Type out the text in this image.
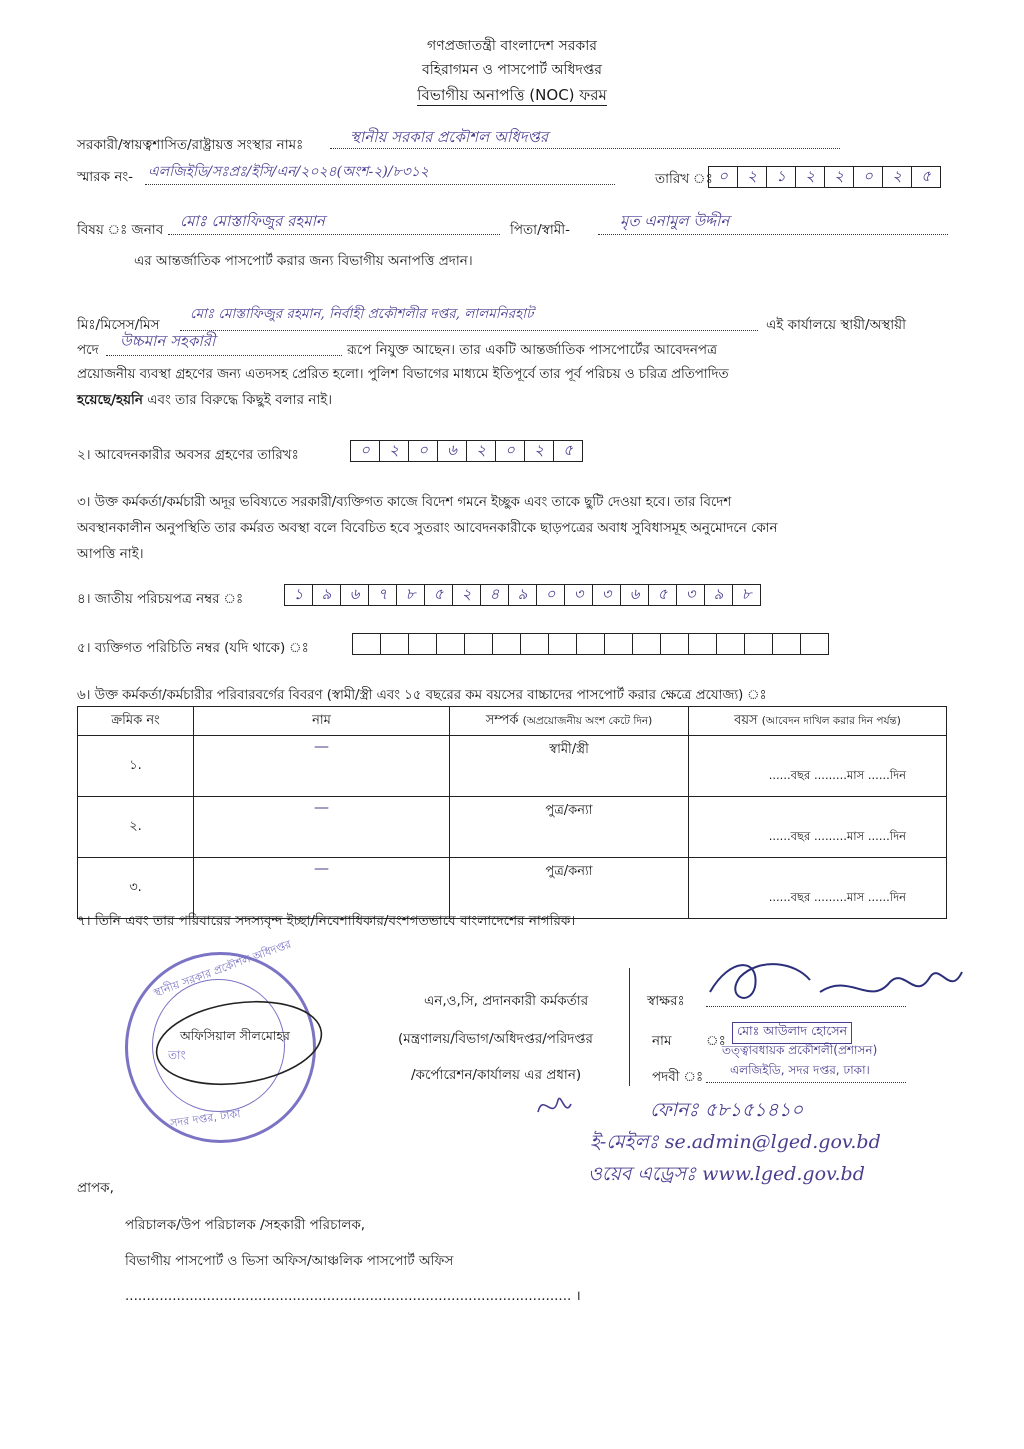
গণপ্রজাতন্ত্রী বাংলাদেশ সরকার
বহিরাগমন ও পাসপোর্ট অধিদপ্তর
বিভাগীয় অনাপত্তি (NOC) ফরম
সরকারী/স্বায়ত্বশাসিত/রাষ্ট্রায়ত্ত সংস্থার নামঃ	স্থানীয় সরকার প্রকৌশল অধিদপ্তর
স্মারক নং- এলজিইডি/সঃপ্রঃ/ইসি/এন/২০২৪(অংশ-২)/৮৩১২	তারিখ ঃ ০	২	১	২	২	০	২	৫
বিষয় ঃ জনাব মোঃ মোস্তাফিজুর রহমান	পিতা/স্বামী-	মৃত এনামুল উদ্দীন
এর আন্তর্জাতিক পাসপোর্ট করার জন্য বিভাগীয় অনাপত্তি প্রদান।
মিঃ/মিসেস/মিস
মোঃ মোস্তাফিজুর রহমান, নির্বাহী প্রকৌশলীর দপ্তর, লালমনিরহাট
এই কার্যালয়ে স্থায়ী/অস্থায়ী
পদে উচ্চমান সহকারী	রূপে নিযুক্ত আছেন। তার একটি আন্তর্জাতিক পাসপোর্টের আবেদনপত্র
প্রয়োজনীয় ব্যবস্থা গ্রহণের জন্য এতদসহ প্রেরিত হলো। পুলিশ বিভাগের মাধ্যমে ইতিপূর্বে তার পূর্ব পরিচয় ও চরিত্র প্রতিপাদিত
হয়েছে/হয়নি এবং তার বিরুদ্ধে কিছুই বলার নাই।
২। আবেদনকারীর অবসর গ্রহণের তারিখঃ	০	২	০	৬	২	০	২	৫
৩। উক্ত কর্মকর্তা/কর্মচারী অদূর ভবিষ্যতে সরকারী/ব্যক্তিগত কাজে বিদেশ গমনে ইচ্ছুক এবং তাকে ছুটি দেওয়া হবে। তার বিদেশ
অবস্থানকালীন অনুপস্থিতি তার কর্মরত অবস্থা বলে বিবেচিত হবে সুতরাং আবেদনকারীকে ছাড়পত্রের অবাধ সুবিধাসমূহ অনুমোদনে কোন
আপত্তি নাই।
৪। জাতীয় পরিচয়পত্র নম্বর ঃ	১	৯	৬	৭	৮	৫	২	৪	৯	০	৩	৩	৬	৫	৩	৯	৮
৫। ব্যক্তিগত পরিচিতি নম্বর (যদি থাকে) ঃ
৬। উক্ত কর্মকর্তা/কর্মচারীর পরিবারবর্গের বিবরণ (স্বামী/স্ত্রী এবং ১৫ বছরের কম বয়সের বাচ্চাদের পাসপোর্ট করার ক্ষেত্রে প্রযোজ্য) ঃ
ক্রমিক নং	নাম	সম্পর্ক (অপ্রয়োজনীয় অংশ কেটে দিন)	বয়স (আবেদন দাখিল করার দিন পর্যন্ত)
১.	—	স্বামী/স্ত্রী	......বছর .........মাস ......দিন
২.	—	পুত্র/কন্যা	......বছর .........মাস ......দিন
৩.	—	পুত্র/কন্যা	......বছর .........মাস ......দিন
৭। তিনি এবং তার পরিবারের সদস্যবৃন্দ ইচ্ছা/নিবেশাধিকার/বংশগতভাবে বাংলাদেশের নাগরিক।
স্থানীয় সরকার প্রকৌশল অধিদপ্তর
সদর দপ্তর, ঢাকা
অফিসিয়াল সীলমোহর
তাং
এন,ও,সি, প্রদানকারী কর্মকর্তার
(মন্ত্রণালয়/বিভাগ/অধিদপ্তর/পরিদপ্তর
/কর্পোরেশন/কার্যালয় এর প্রধান)
স্বাক্ষরঃ
নাম	ঃ
মোঃ আউলাদ হোসেন
তত্ত্বাবধায়ক প্রকৌশলী(প্রশাসন)
পদবী ঃ এলজিইডি, সদর দপ্তর, ঢাকা।
ফোনঃ ৫৮১৫১৪১০
ই-মেইলঃ se.admin@lged.gov.bd
ওয়েব এড্রেসঃ www.lged.gov.bd
প্রাপক,
পরিচালক/উপ পরিচালক /সহকারী পরিচালক,
বিভাগীয় পাসপোর্ট ও ভিসা অফিস/আঞ্চলিক পাসপোর্ট অফিস
........................................................................................................ ।
